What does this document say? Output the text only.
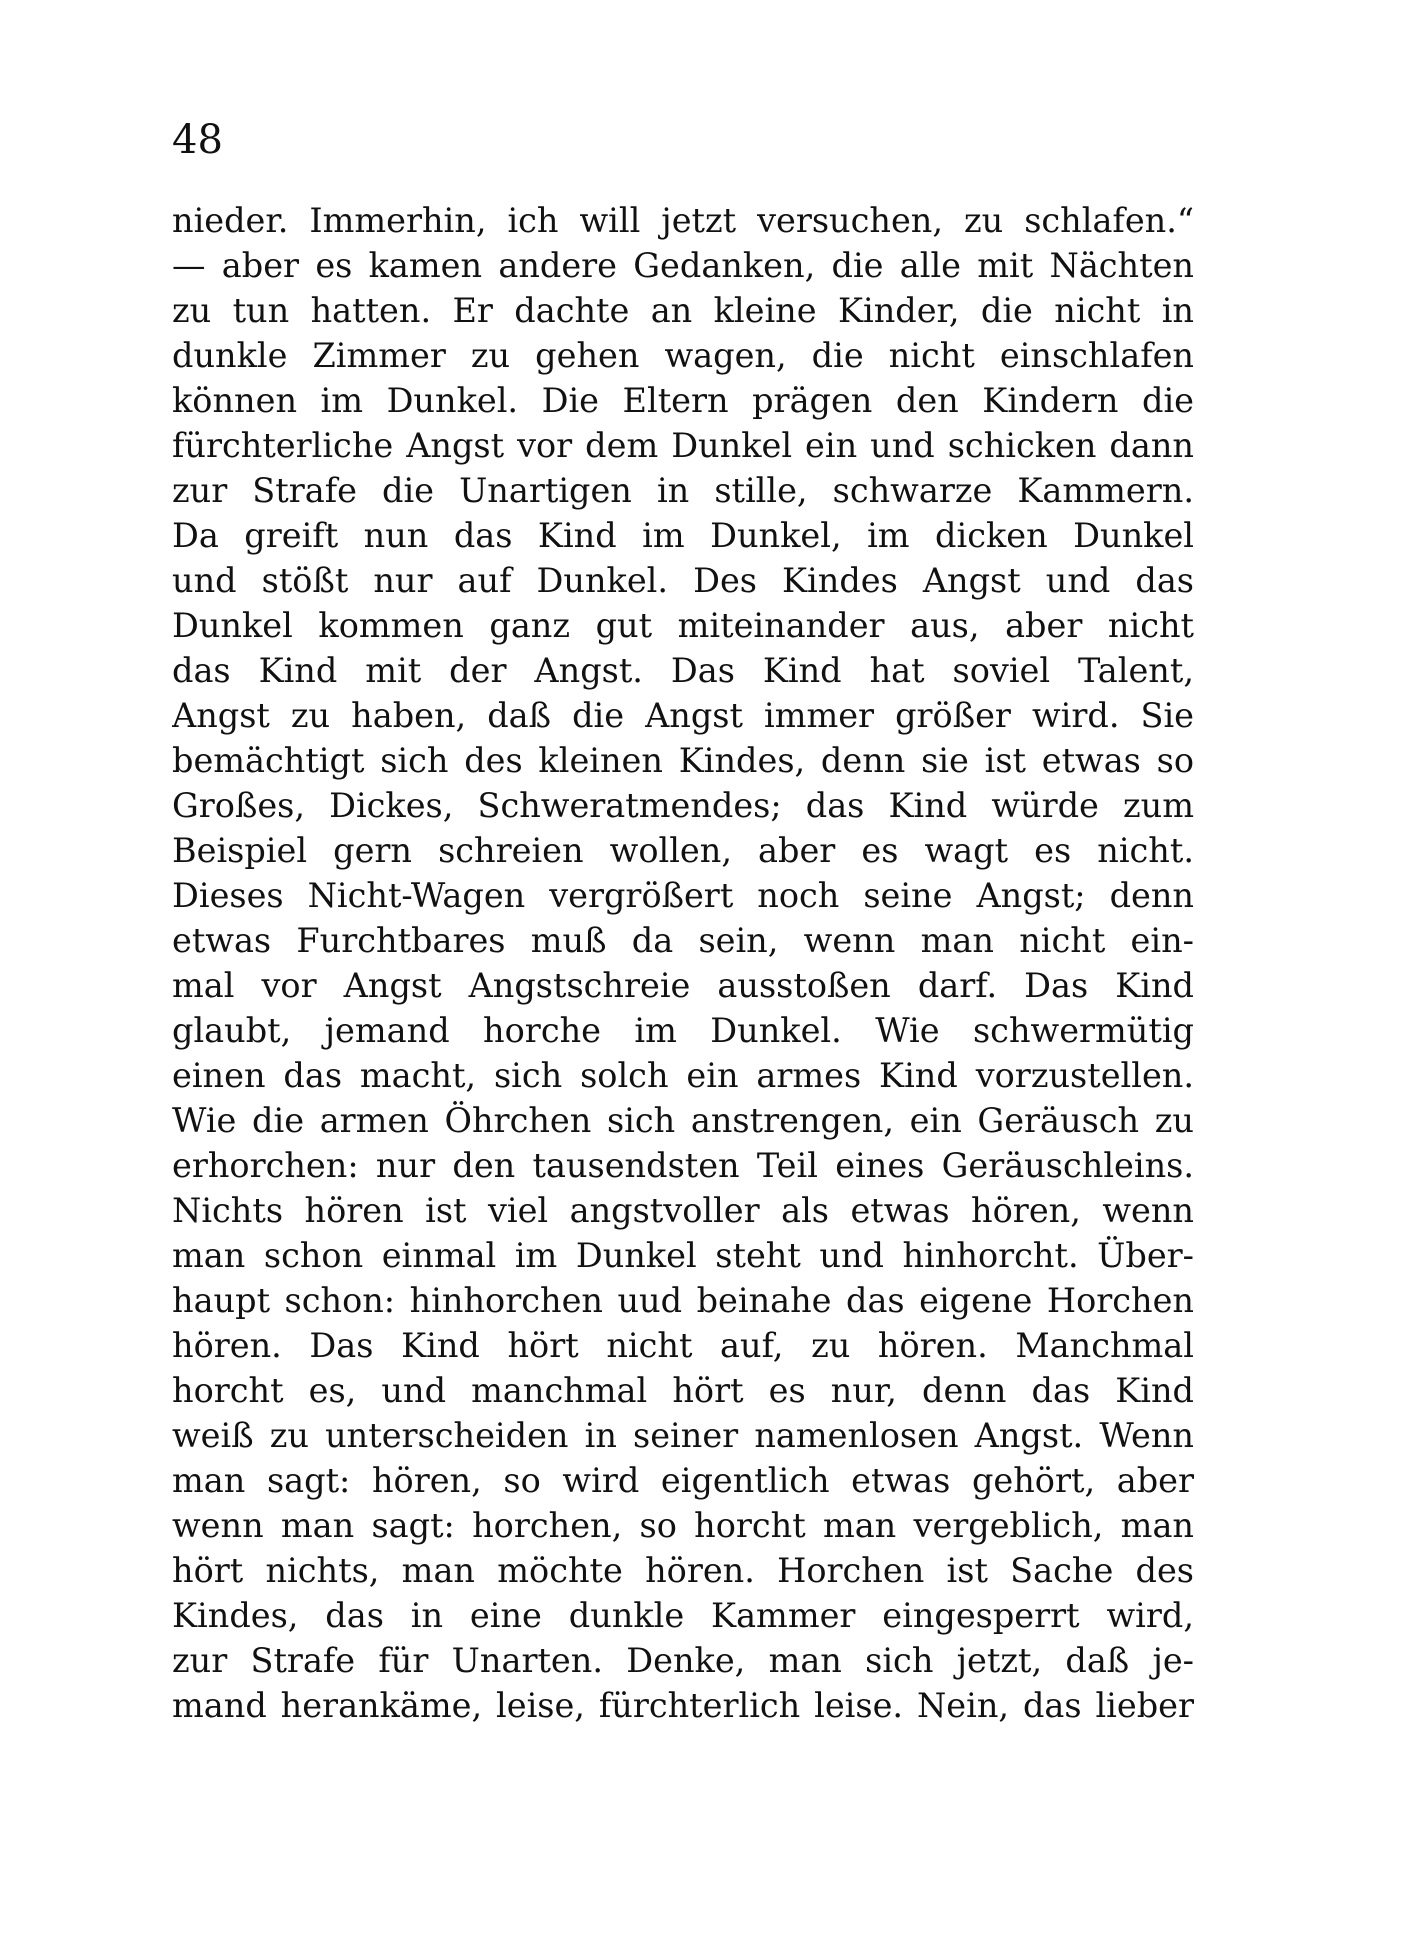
48
nieder. Immerhin, ich will jetzt versuchen, zu schlafen.“
— aber es kamen andere Gedanken, die alle mit Nächten
zu tun hatten. Er dachte an kleine Kinder, die nicht in
dunkle Zimmer zu gehen wagen, die nicht einschlafen
können im Dunkel. Die Eltern prägen den Kindern die
fürchterliche Angst vor dem Dunkel ein und schicken dann
zur Strafe die Unartigen in stille, schwarze Kammern.
Da greift nun das Kind im Dunkel, im dicken Dunkel
und stößt nur auf Dunkel. Des Kindes Angst und das
Dunkel kommen ganz gut miteinander aus, aber nicht
das Kind mit der Angst. Das Kind hat soviel Talent,
Angst zu haben, daß die Angst immer größer wird. Sie
bemächtigt sich des kleinen Kindes, denn sie ist etwas so
Großes, Dickes, Schweratmendes; das Kind würde zum
Beispiel gern schreien wollen, aber es wagt es nicht.
Dieses Nicht-Wagen vergrößert noch seine Angst; denn
etwas Furchtbares muß da sein, wenn man nicht ein-
mal vor Angst Angstschreie ausstoßen darf. Das Kind
glaubt, jemand horche im Dunkel. Wie schwermütig
einen das macht, sich solch ein armes Kind vorzustellen.
Wie die armen Öhrchen sich anstrengen, ein Geräusch zu
erhorchen: nur den tausendsten Teil eines Geräuschleins.
Nichts hören ist viel angstvoller als etwas hören, wenn
man schon einmal im Dunkel steht und hinhorcht. Über-
haupt schon: hinhorchen uud beinahe das eigene Horchen
hören. Das Kind hört nicht auf, zu hören. Manchmal
horcht es, und manchmal hört es nur, denn das Kind
weiß zu unterscheiden in seiner namenlosen Angst. Wenn
man sagt: hören, so wird eigentlich etwas gehört, aber
wenn man sagt: horchen, so horcht man vergeblich, man
hört nichts, man möchte hören. Horchen ist Sache des
Kindes, das in eine dunkle Kammer eingesperrt wird,
zur Strafe für Unarten. Denke, man sich jetzt, daß je-
mand herankäme, leise, fürchterlich leise. Nein, das lieber
